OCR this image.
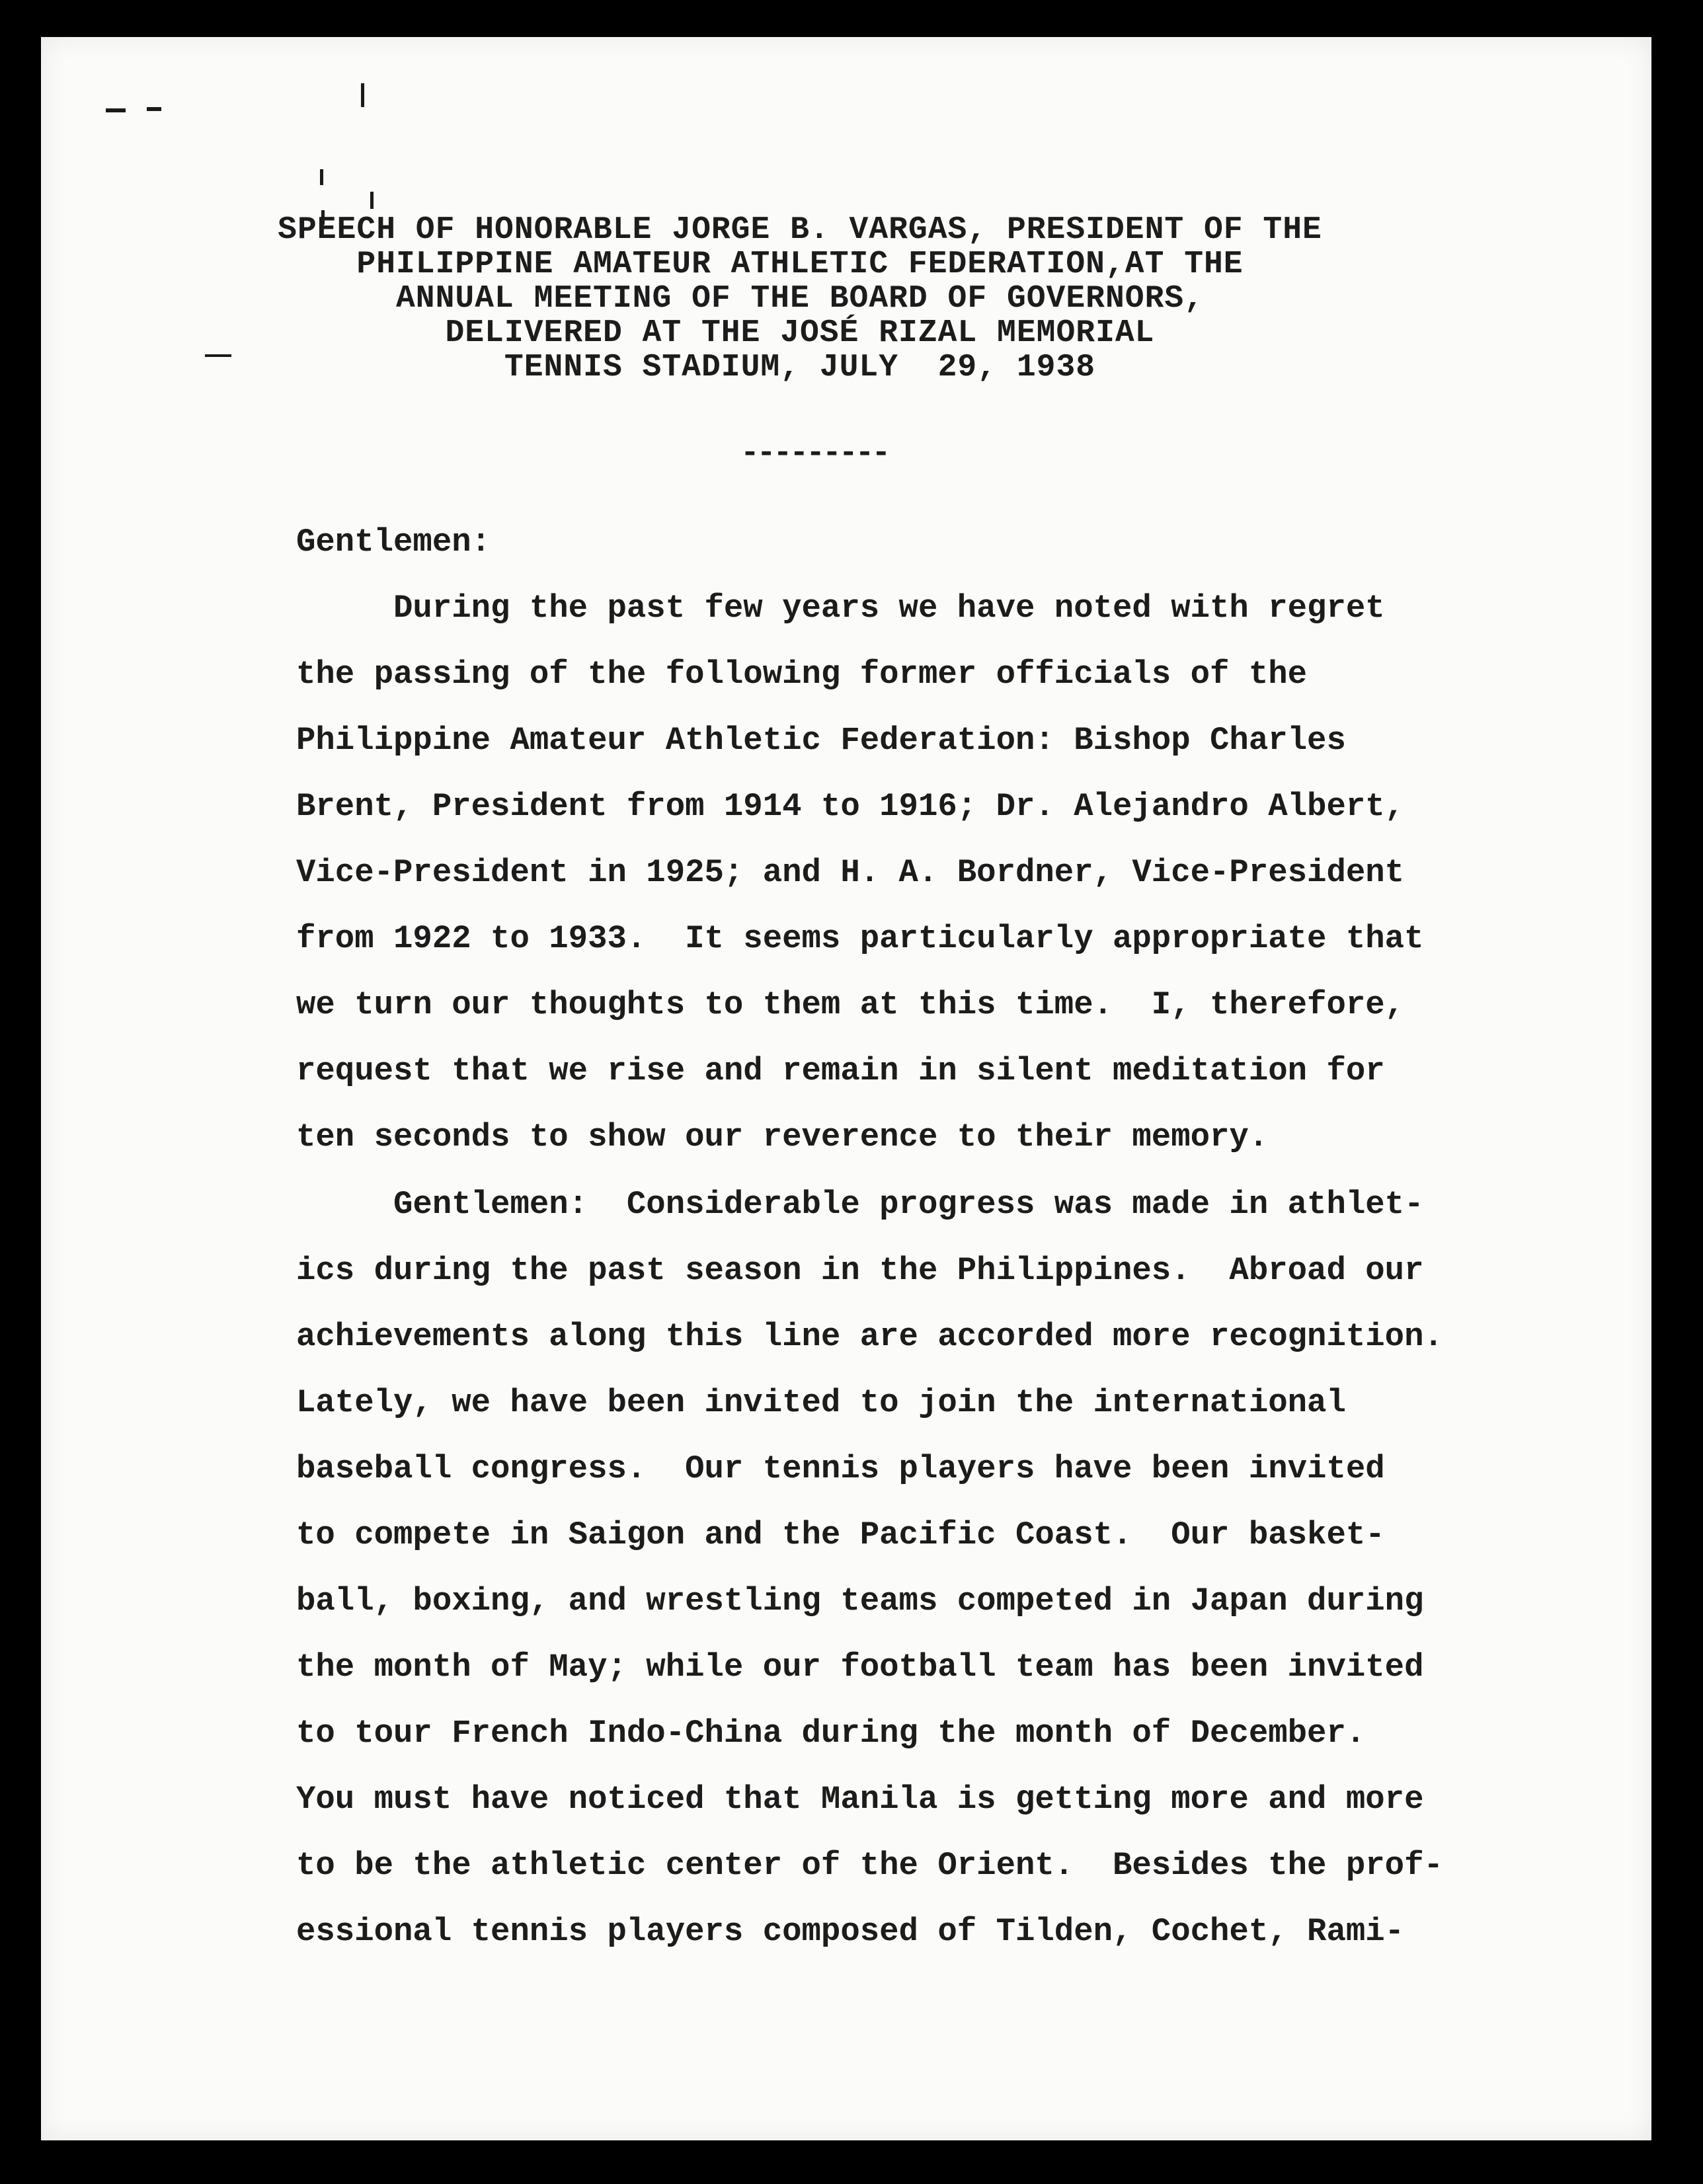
SPEECH OF HONORABLE JORGE B. VARGAS, PRESIDENT OF THE
PHILIPPINE AMATEUR ATHLETIC FEDERATION,AT THE
ANNUAL MEETING OF THE BOARD OF GOVERNORS,
DELIVERED AT THE JOSÉ RIZAL MEMORIAL
TENNIS STADIUM, JULY  29, 1938
---------
Gentlemen:
During the past few years we have noted with regret
the passing of the following former officials of the
Philippine Amateur Athletic Federation: Bishop Charles
Brent, President from 1914 to 1916; Dr. Alejandro Albert,
Vice-President in 1925; and H. A. Bordner, Vice-President
from 1922 to 1933.  It seems particularly appropriate that
we turn our thoughts to them at this time.  I, therefore,
request that we rise and remain in silent meditation for
ten seconds to show our reverence to their memory.
Gentlemen:  Considerable progress was made in athlet-
ics during the past season in the Philippines.  Abroad our
achievements along this line are accorded more recognition.
Lately, we have been invited to join the international
baseball congress.  Our tennis players have been invited
to compete in Saigon and the Pacific Coast.  Our basket-
ball, boxing, and wrestling teams competed in Japan during
the month of May; while our football team has been invited
to tour French Indo-China during the month of December.
You must have noticed that Manila is getting more and more
to be the athletic center of the Orient.  Besides the prof-
essional tennis players composed of Tilden, Cochet, Rami-
